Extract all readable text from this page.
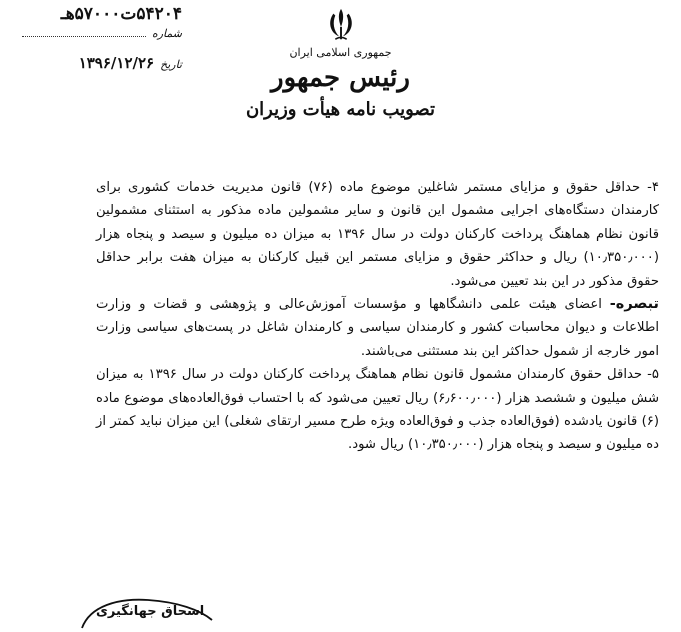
۵۴۲۰۴ت۵۷۰۰۰هـ
شماره
تاریخ
۱۳۹۶/۱۲/۲۶
جمهوری اسلامی ایران
رئیس جمهور
تصویب نامه هیأت وزیران

۴- حداقل حقوق و مزایای مستمر شاغلین موضوع ماده (۷۶) قانون مدیریت خدمات کشوری برای کارمندان دستگاه‌های اجرایی مشمول این قانون و سایر مشمولین ماده مذکور به استثنای مشمولین قانون نظام هماهنگ پرداخت کارکنان دولت در سال ۱۳۹۶ به میزان ده میلیون و سیصد و پنجاه هزار (۱۰٫۳۵۰٫۰۰۰) ریال و حداکثر حقوق و مزایای مستمر این قبیل کارکنان به میزان هفت برابر حداقل حقوق مذکور در این بند تعیین می‌شود.

تبصره- اعضای هیئت علمی دانشگاهها و مؤسسات آموزش‌عالی و پژوهشی و قضات و وزارت اطلاعات و دیوان محاسبات کشور و کارمندان سیاسی و کارمندان شاغل در پست‌های سیاسی وزارت امور خارجه از شمول حداکثر این بند مستثنی می‌باشند.

۵- حداقل حقوق کارمندان مشمول قانون نظام هماهنگ پرداخت کارکنان دولت در سال ۱۳۹۶ به میزان شش میلیون و ششصد هزار (۶٫۶۰۰٫۰۰۰) ریال تعیین می‌شود که با احتساب فوق‌العاده‌های موضوع ماده (۶) قانون یادشده (فوق‌العاده جذب و فوق‌العاده ویژه طرح مسیر ارتقای شغلی) این میزان نباید کمتر از ده میلیون و سیصد و پنجاه هزار (۱۰٫۳۵۰٫۰۰۰) ریال شود.

اسحاق جهانگیری
